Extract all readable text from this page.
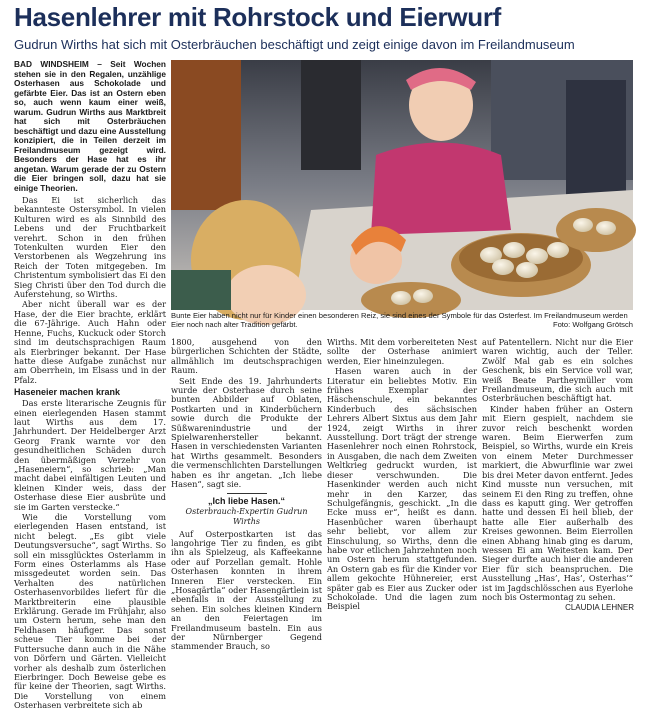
Hasenlehrer mit Rohrstock und Eierwurf
Gudrun Wirths hat sich mit Osterbräuchen beschäftigt und zeigt einige davon im Freilandmuseum
BAD WINDSHEIM – Seit Wochen stehen sie in den Regalen, unzählige Osterhasen aus Schokolade und gefärbte Eier. Das ist an Ostern eben so, auch wenn kaum einer weiß, warum. Gudrun Wirths aus Marktbreit hat sich mit Osterbräuchen beschäftigt und dazu eine Ausstellung konzipiert, die in Teilen derzeit im Freilandmuseum gezeigt wird. Besonders der Hase hat es ihr angetan. Warum gerade der zu Ostern die Eier bringen soll, dazu hat sie einige Theorien.

Das Ei ist sicherlich das bekannteste Ostersymbol. In vielen Kulturen wird es als Sinnbild des Lebens und der Fruchtbarkeit verehrt. Schon in den frühen Totenkulten wurden Eier den Verstorbenen als Wegzehrung ins Reich der Toten mitgegeben. Im Christentum symbolisiert das Ei den Sieg Christi über den Tod durch die Auferstehung, so Wirths.

Aber nicht überall war es der Hase, der die Eier brachte, erklärt die 67-Jährige. Auch Hahn oder Henne, Fuchs, Kuckuck oder Storch sind im deutschsprachigen Raum als Eierbringer bekannt. Der Hase hatte diese Aufgabe zunächst nur am Oberrhein, im Elsass und in der Pfalz.

Haseneier machen krank

Das erste literarische Zeugnis für einen eierlegenden Hasen stammt laut Wirths aus dem 17. Jahrhundert. Der Heidelberger Arzt Georg Frank warnte vor den gesundheitlichen Schäden durch den übermäßigen Verzehr von „Haseneiern“, so schrieb: „Man macht dabei einfältigen Leuten und kleinen Kinder weis, dass der Osterhase diese Eier ausbrüte und sie im Garten verstecke.“

Wie die Vorstellung vom eierlegenden Hasen entstand, ist nicht belegt. „Es gibt viele Deutungsversuche“, sagt Wirths. So soll ein missglücktes Osterlamm in Form eines Osterlamms als Hase missgedeutet worden sein. Das Verhalten des natürlichen Osterhasenvorbildes liefert für die Marktbreiterin eine plausible Erklärung. Gerade im Frühjahr, also um Ostern herum, sehe man den Feldhasen häufiger. Das sonst scheue Tier komme bei der Futtersuche dann auch in die Nähe von Dörfern und Gärten. Vielleicht vorher als deshalb zum österlichen Eierbringer. Doch Beweise gebe es für keine der Theorien, sagt Wirths. Die Vorstellung von einem Osterhasen verbreitete sich ab

Bunte Eier haben nicht nur für Kinder einen besonderen Reiz, sie sind eines der Symbole für das Osterfest. Im Freilandmuseum werden Eier noch nach alter Tradition gefärbt.	Foto: Wolfgang Grötsch

1800, ausgehend von den bürgerlichen Schichten der Städte, allmählich im deutschsprachigen Raum.

Seit Ende des 19. Jahrhunderts wurde der Osterhase durch seine bunten Abbilder auf Oblaten, Postkarten und in Kinderbüchern sowie durch die Produkte der Süßwarenindustrie und der Spielwarenhersteller bekannt. Hasen in verschiedensten Varianten hat Wirths gesammelt. Besonders die vermenschlichten Darstellungen haben es ihr angetan. „Ich liebe Hasen“, sagt sie.

„Ich liebe Hasen.“
Osterbrauch-Expertin Gudrun Wirths

Auf Osterpostkarten ist das langohrige Tier zu finden, es gibt ihn als Spielzeug, als Kaffeekanne oder auf Porzellan gemalt. Hohle Osterhasen konnten in ihrem Inneren Eier verstecken. Ein „Hosagärtla“ oder Hasengärtlein ist ebenfalls in der Ausstellung zu sehen. Ein solches kleinen Kindern an den Feiertagen im Freilandmuseum basteln. Ein aus der Nürnberger Gegend stammender Brauch, so

Wirths. Mit dem vorbereiteten Nest sollte der Osterhase animiert werden, Eier hineinzulegen.

Hasen waren auch in der Literatur ein beliebtes Motiv. Ein frühes Exemplar der Häschenschule, ein bekanntes Kinderbuch des sächsischen Lehrers Albert Sixtus aus dem Jahr 1924, zeigt Wirths in ihrer Ausstellung. Dort trägt der strenge Hasenlehrer noch einen Rohrstock, in Ausgaben, die nach dem Zweiten Weltkrieg gedruckt wurden, ist dieser verschwunden. Die Hasenkinder werden auch nicht mehr in den Karzer, das Schulgefängnis, geschickt. „In die Ecke muss er“, heißt es dann. Hasenbücher waren überhaupt sehr beliebt, vor allem zur Einschulung, so Wirths, denn die habe vor etlichen Jahrzehnten noch um Ostern herum stattgefunden. An Ostern gab es für die Kinder vor allem gekochte Hühnereier, erst später gab es Eier aus Zucker oder Schokolade. Und die lagen zum Beispiel

auf Patentellern. Nicht nur die Eier waren wichtig, auch der Teller. Zwölf Mal gab es ein solches Geschenk, bis ein Service voll war, weiß Beate Partheymüller vom Freilandmuseum, die sich auch mit Osterbräuchen beschäftigt hat.

Kinder haben früher an Ostern mit Eiern gespielt, nachdem sie zuvor reich beschenkt worden waren. Beim Eierwerfen zum Beispiel, so Wirths, wurde ein Kreis von einem Meter Durchmesser markiert, die Abwurflinie war zwei bis drei Meter davon entfernt. Jedes Kind musste nun versuchen, mit seinem Ei den Ring zu treffen, ohne dass es kaputt ging. Wer getroffen hatte und dessen Ei heil blieb, der hatte alle Eier außerhalb des Kreises gewonnen. Beim Eierrollen einen Abhang hinab ging es darum, wessen Ei am Weitesten kam. Der Sieger durfte auch hier die anderen Eier für sich beanspruchen. Die Ausstellung „Has’, Has’, Osterhas’“ ist im Jagdschlösschen aus Eyerlohe noch bis Ostermontag zu sehen.

CLAUDIA LEHNER
